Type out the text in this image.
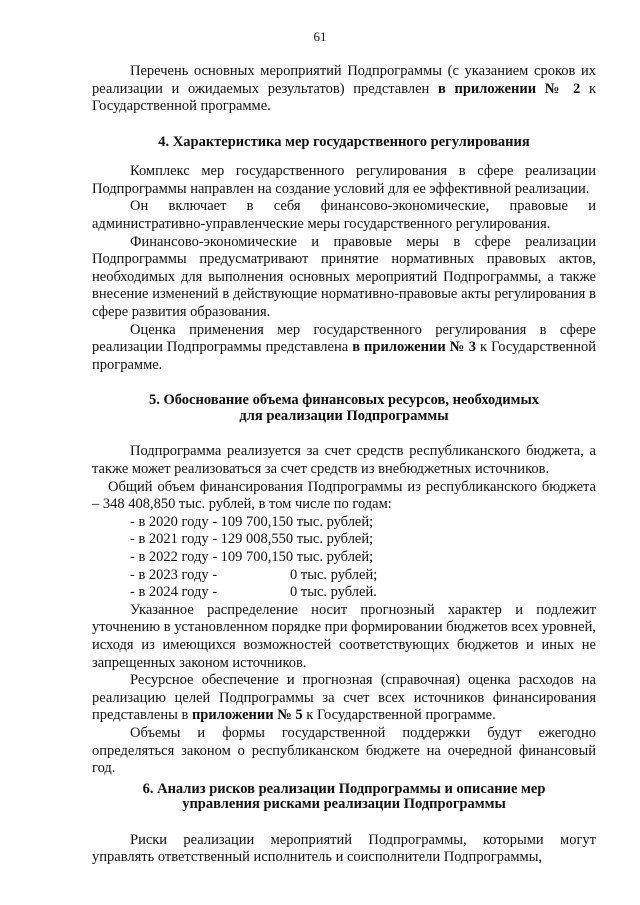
61

Перечень основных мероприятий Подпрограммы (с указанием сроков их реализации и ожидаемых результатов) представлен в приложении № 2 к Государственной программе.

4. Характеристика мер государственного регулирования

Комплекс мер государственного регулирования в сфере реализации Подпрограммы направлен на создание условий для ее эффективной реализации.

Он включает в себя финансово-экономические, правовые и административно-управленческие меры государственного регулирования.

Финансово-экономические и правовые меры в сфере реализации Подпрограммы предусматривают принятие нормативных правовых актов, необходимых для выполнения основных мероприятий Подпрограммы, а также внесение изменений в действующие нормативно-правовые акты регулирования в сфере развития образования.

Оценка применения мер государственного регулирования в сфере реализации Подпрограммы представлена в приложении № 3 к Государственной программе.

5. Обоснование объема финансовых ресурсов, необходимых
для реализации Подпрограммы

Подпрограмма реализуется за счет средств республиканского бюджета, а также может реализоваться за счет средств из внебюджетных источников.

Общий объем финансирования Подпрограммы из республиканского бюджета – 348 408,850 тыс. рублей, в том числе по годам:

- в 2020 году - 109 700,150 тыс. рублей;
- в 2021 году - 129 008,550 тыс. рублей;
- в 2022 году - 109 700,150 тыс. рублей;
- в 2023 году -	0 тыс. рублей;
- в 2024 году -	0 тыс. рублей.

Указанное распределение носит прогнозный характер и подлежит уточнению в установленном порядке при формировании бюджетов всех уровней, исходя из имеющихся возможностей соответствующих бюджетов и иных не запрещенных законом источников.

Ресурсное обеспечение и прогнозная (справочная) оценка расходов на реализацию целей Подпрограммы за счет всех источников финансирования представлены в приложении № 5 к Государственной программе.

Объемы и формы государственной поддержки будут ежегодно определяться законом о республиканском бюджете на очередной финансовый год.

6. Анализ рисков реализации Подпрограммы и описание мер
управления рисками реализации Подпрограммы

Риски реализации мероприятий Подпрограммы, которыми могут управлять ответственный исполнитель и соисполнители Подпрограммы,
